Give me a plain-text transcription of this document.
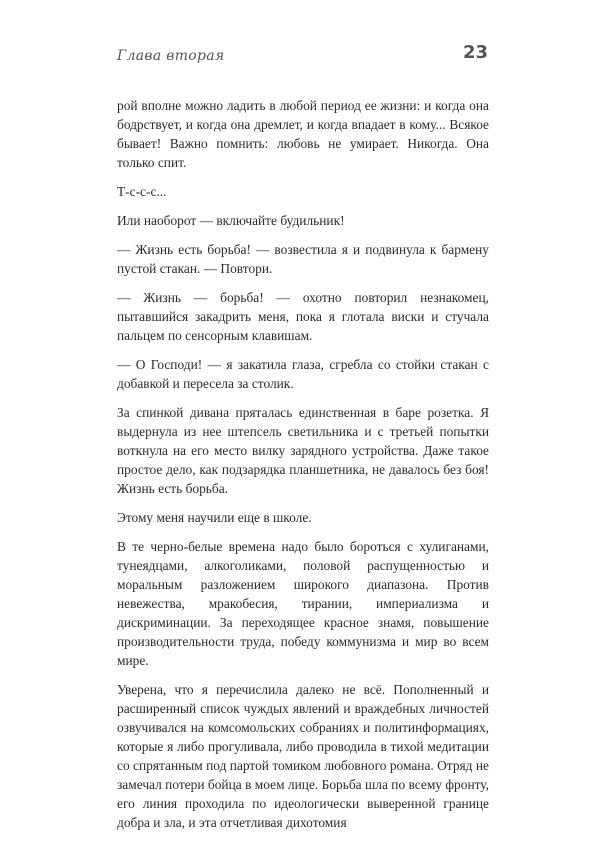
Глава вторая	23

рой вполне можно ладить в любой период ее жизни: и когда она бодрствует, и когда она дремлет, и когда впадает в кому... Всякое бывает! Важно помнить: любовь не умирает. Никогда. Она только спит.

Т-с-с-с...

Или наоборот — включайте будильник!

— Жизнь есть борьба! — возвестила я и подвинула к бармену пустой стакан. — Повтори.

— Жизнь — борьба! — охотно повторил незнакомец, пытавшийся закадрить меня, пока я глотала виски и стучала пальцем по сенсорным клавишам.

— О Господи! — я закатила глаза, сгребла со стойки стакан с добавкой и пересела за столик.

За спинкой дивана пряталась единственная в баре розетка. Я выдернула из нее штепсель светильника и с третьей попытки воткнула на его место вилку зарядного устройства. Даже такое простое дело, как подзарядка планшетника, не давалось без боя! Жизнь есть борьба.

Этому меня научили еще в школе.

В те черно-белые времена надо было бороться с хулиганами, тунеядцами, алкоголиками, половой распущенностью и моральным разложением широкого диапазона. Против невежества, мракобесия, тирании, империализма и дискриминации. За переходящее красное знамя, повышение производительности труда, победу коммунизма и мир во всем мире.

Уверена, что я перечислила далеко не всё. Пополненный и расширенный список чуждых явлений и враждебных личностей озвучивался на комсомольских собраниях и политинформациях, которые я либо прогуливала, либо проводила в тихой медитации со спрятанным под партой томиком любовного романа. Отряд не замечал потери бойца в моем лице. Борьба шла по всему фронту, его линия проходила по идеологически выверенной границе добра и зла, и эта отчетливая дихотомия
